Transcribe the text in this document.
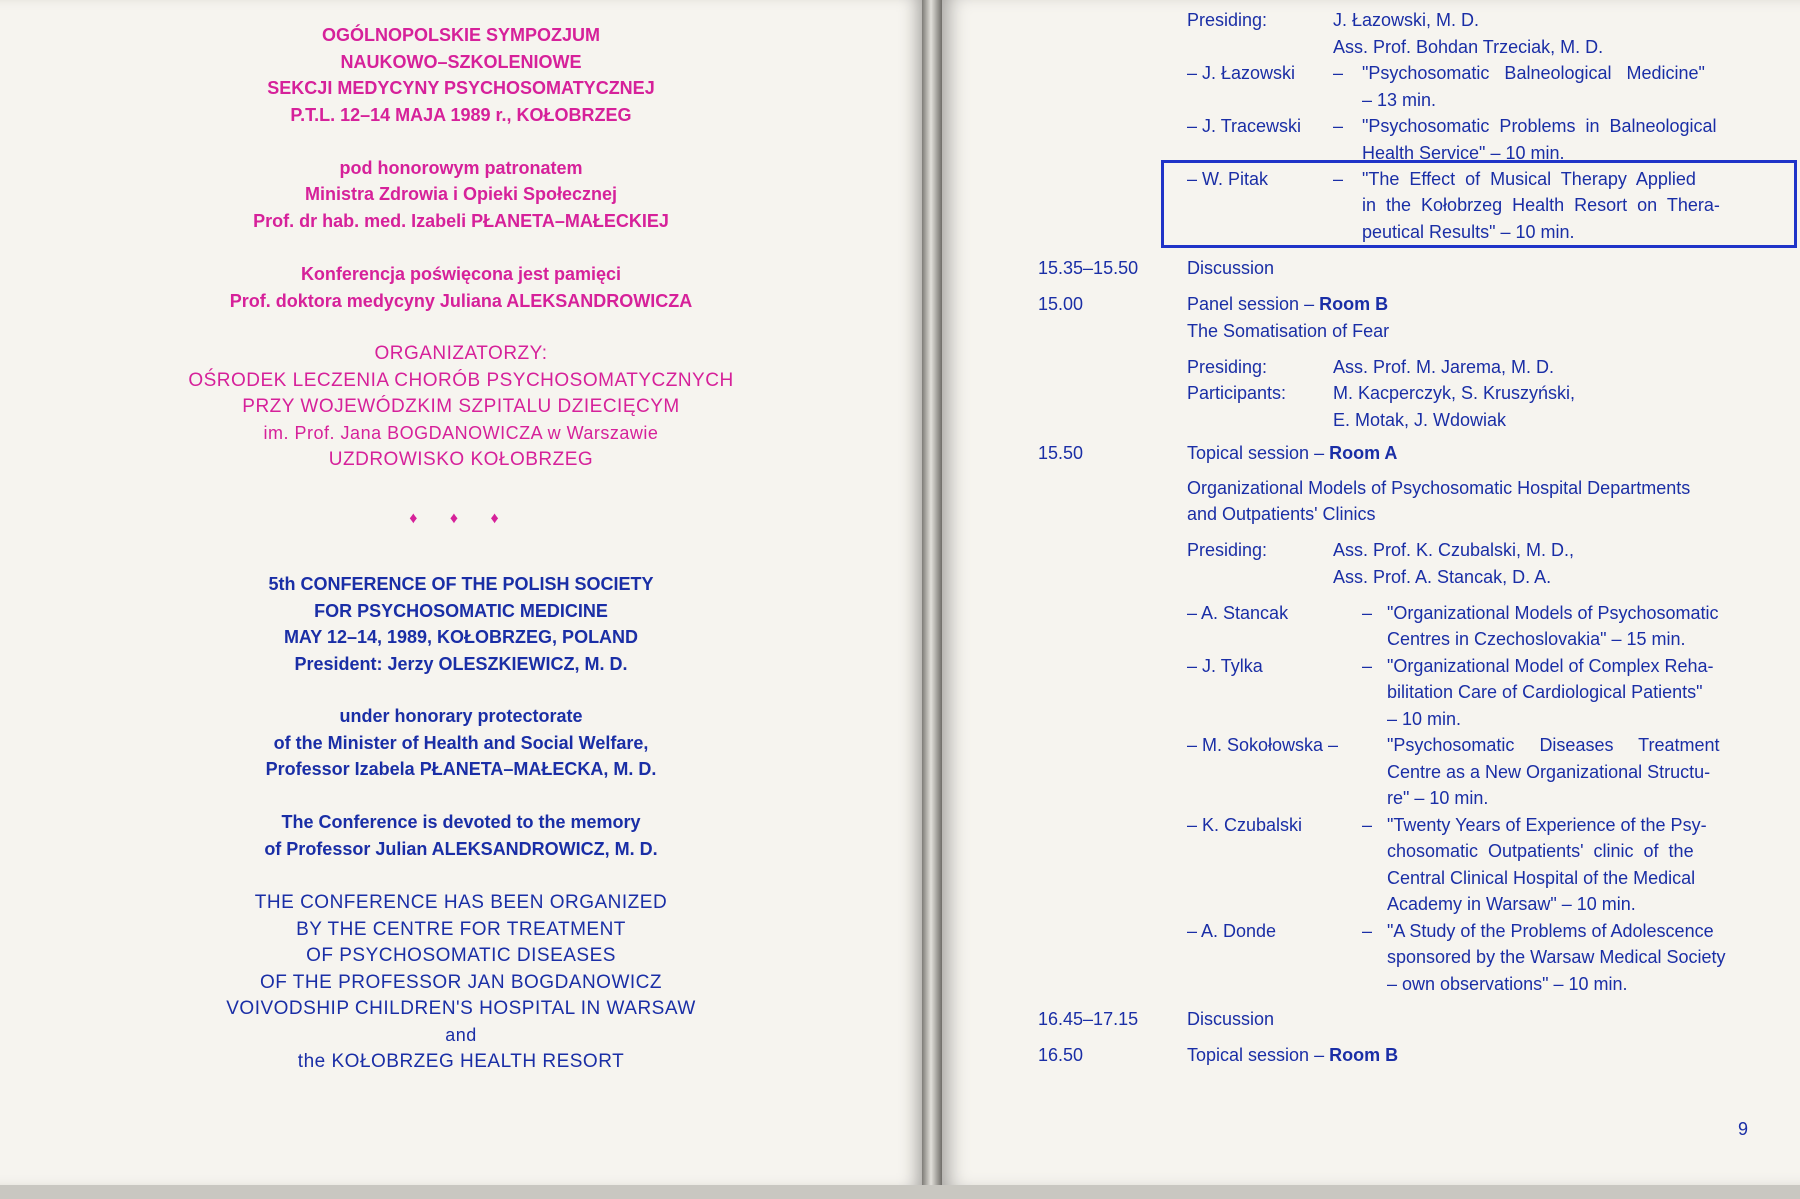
OGÓLNOPOLSKIE SYMPOZJUM
NAUKOWO–SZKOLENIOWE
SEKCJI MEDYCYNY PSYCHOSOMATYCZNEJ
P.T.L. 12–14 MAJA 1989 r., KOŁOBRZEG
pod honorowym patronatem
Ministra Zdrowia i Opieki Społecznej
Prof. dr hab. med. Izabeli PŁANETA–MAŁECKIEJ
Konferencja poświęcona jest pamięci
Prof. doktora medycyny Juliana ALEKSANDROWICZA
ORGANIZATORZY:
OŚRODEK LECZENIA CHORÓB PSYCHOSOMATYCZNYCH
PRZY WOJEWÓDZKIM SZPITALU DZIECIĘCYM
im. Prof. Jana BOGDANOWICZA w Warszawie
UZDROWISKO KOŁOBRZEG
♦ ♦ ♦
5th CONFERENCE OF THE POLISH SOCIETY
FOR PSYCHOSOMATIC MEDICINE
MAY 12–14, 1989, KOŁOBRZEG, POLAND
President: Jerzy OLESZKIEWICZ, M. D.
under honorary protectorate
of the Minister of Health and Social Welfare,
Professor Izabela PŁANETA–MAŁECKA, M. D.
The Conference is devoted to the memory
of Professor Julian ALEKSANDROWICZ, M. D.
THE CONFERENCE HAS BEEN ORGANIZED
BY THE CENTRE FOR TREATMENT
OF PSYCHOSOMATIC DISEASES
OF THE PROFESSOR JAN BOGDANOWICZ
VOIVODSHIP CHILDREN'S HOSPITAL IN WARSAW
and
the KOŁOBRZEG HEALTH RESORT
Presiding:	J. Łazowski, M. D.
Ass. Prof. Bohdan Trzeciak, M. D.
– J. Łazowski – "Psychosomatic   Balneological   Medicine"
– 13 min.
– J. Tracewski – "Psychosomatic  Problems  in  Balneological
Health Service" – 10 min.
– W. Pitak	– "The  Effect  of  Musical  Therapy  Applied
in  the  Kołobrzeg  Health  Resort  on  Thera-
peutical Results" – 10 min.
15.35–15.50	Discussion
15.00	Panel session – Room B
The Somatisation of Fear
Presiding:	Ass. Prof. M. Jarema, M. D.
Participants:	M. Kacperczyk, S. Kruszyński,
E. Motak, J. Wdowiak
15.50	Topical session – Room A
Organizational Models of Psychosomatic Hospital Departments
and Outpatients' Clinics
Presiding:	Ass. Prof. K. Czubalski, M. D.,
Ass. Prof. A. Stancak, D. A.
– A. Stancak	– "Organizational Models of Psychosomatic
Centres in Czechoslovakia" – 15 min.
– J. Tylka	– "Organizational Model of Complex Reha-
bilitation Care of Cardiological Patients"
– 10 min.
– M. Sokołowska –	"Psychosomatic     Diseases     Treatment
Centre as a New Organizational Structu-
re" – 10 min.
– K. Czubalski	– "Twenty Years of Experience of the Psy-
chosomatic  Outpatients'  clinic  of  the
Central Clinical Hospital of the Medical
Academy in Warsaw" – 10 min.
– A. Donde	– "A Study of the Problems of Adolescence
sponsored by the Warsaw Medical Society
– own observations" – 10 min.
16.45–17.15	Discussion
16.50	Topical session – Room B
9
